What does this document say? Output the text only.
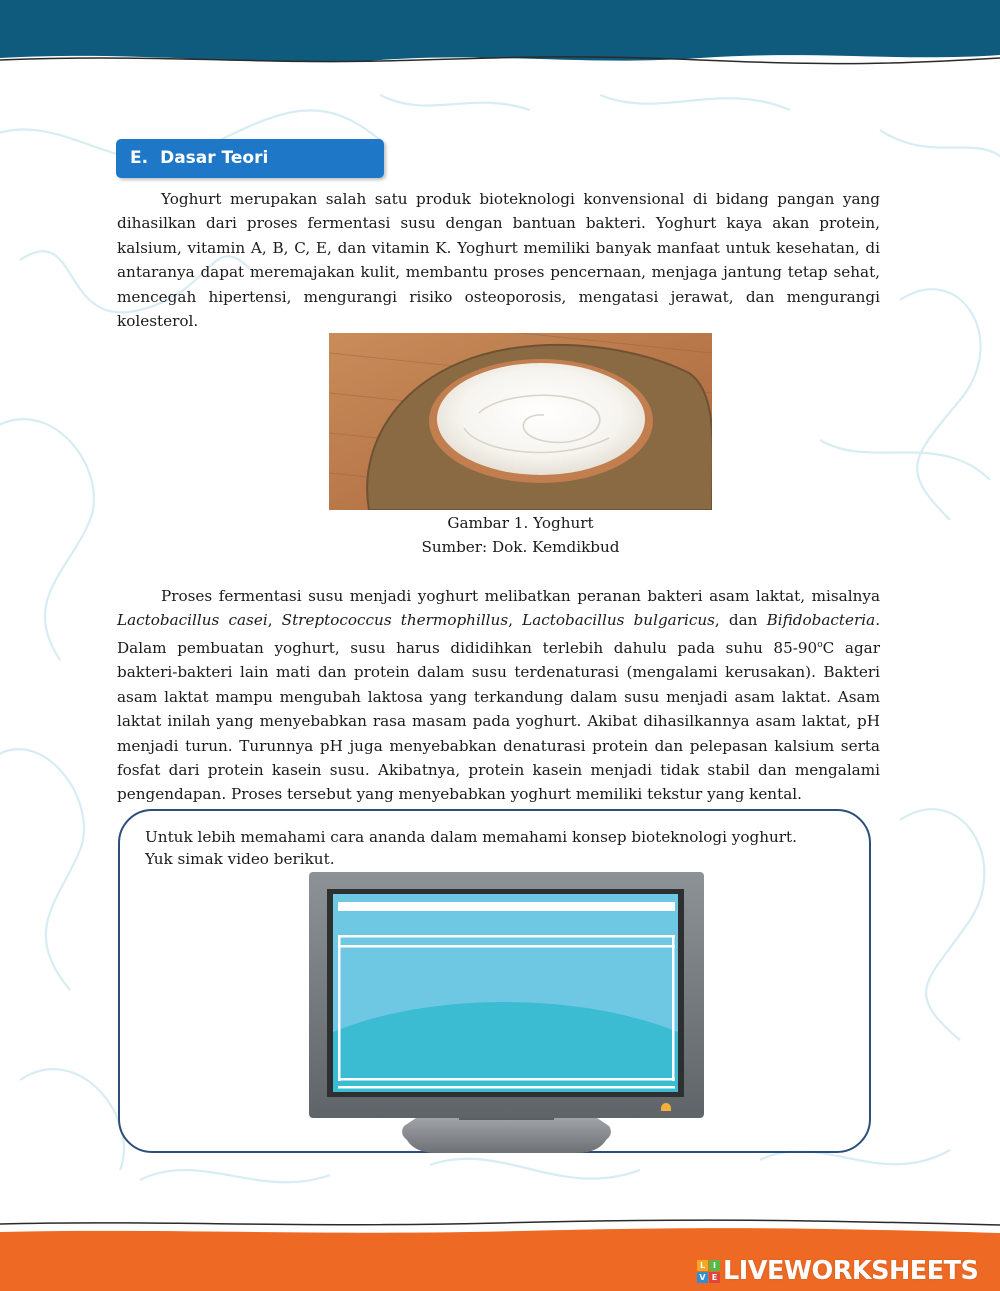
E. Dasar Teori

Yoghurt merupakan salah satu produk bioteknologi konvensional di bidang pangan yang dihasilkan dari proses fermentasi susu dengan bantuan bakteri. Yoghurt kaya akan protein, kalsium, vitamin A, B, C, E, dan vitamin K. Yoghurt memiliki banyak manfaat untuk kesehatan, di antaranya dapat meremajakan kulit, membantu proses pencernaan, menjaga jantung tetap sehat, mencegah hipertensi, mengurangi risiko osteoporosis, mengatasi jerawat, dan mengurangi kolesterol.

Gambar 1. Yoghurt
Sumber: Dok. Kemdikbud

Proses fermentasi susu menjadi yoghurt melibatkan peranan bakteri asam laktat, misalnya Lactobacillus casei, Streptococcus thermophillus, Lactobacillus bulgaricus, dan Bifidobacteria. Dalam pembuatan yoghurt, susu harus dididihkan terlebih dahulu pada suhu 85-90$^o$C agar bakteri-bakteri lain mati dan protein dalam susu terdenaturasi (mengalami kerusakan). Bakteri asam laktat mampu mengubah laktosa yang terkandung dalam susu menjadi asam laktat. Asam laktat inilah yang menyebabkan rasa masam pada yoghurt. Akibat dihasilkannya asam laktat, pH menjadi turun. Turunnya pH juga menyebabkan denaturasi protein dan pelepasan kalsium serta fosfat dari protein kasein susu. Akibatnya, protein kasein menjadi tidak stabil dan mengalami pengendapan. Proses tersebut yang menyebabkan yoghurt memiliki tekstur yang kental.

Untuk lebih memahami cara ananda dalam memahami konsep bioteknologi yoghurt.
Yuk simak video berikut.
L I
V E LIVEWORKSHEETS
